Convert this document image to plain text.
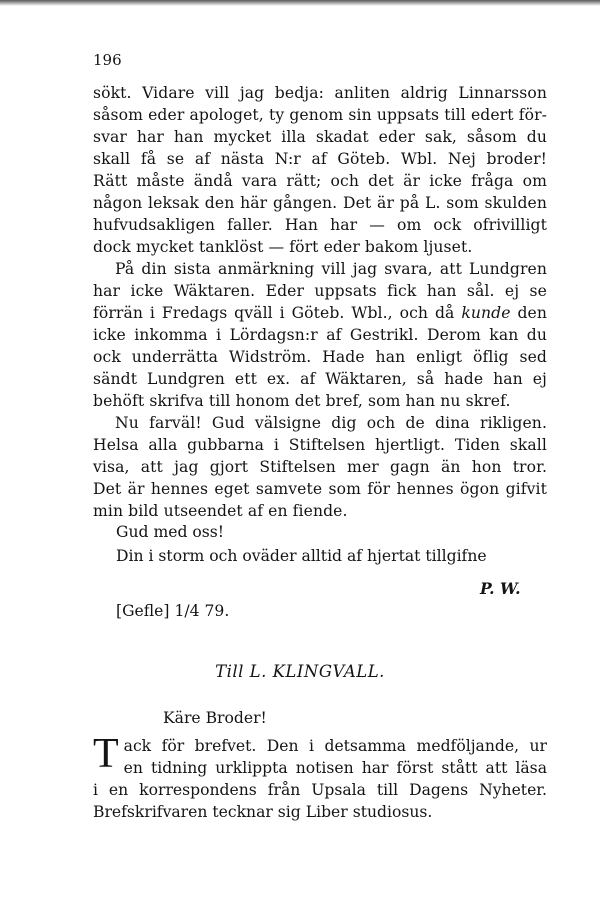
196

sökt. Vidare vill jag bedja: anliten aldrig Linnarsson

såsom eder apologet, ty genom sin uppsats till edert för-

svar har han mycket illa skadat eder sak, såsom du

skall få se af nästa N:r af Göteb. Wbl. Nej broder!

Rätt måste ändå vara rätt; och det är icke fråga om

någon leksak den här gången. Det är på L. som skulden

hufvudsakligen faller. Han har — om ock ofrivilligt

dock mycket tanklöst — fört eder bakom ljuset.

På din sista anmärkning vill jag svara, att Lundgren

har icke Wäktaren. Eder uppsats fick han sål. ej se

förrän i Fredags qväll i Göteb. Wbl., och då kunde den

icke inkomma i Lördagsn:r af Gestrikl. Derom kan du

ock underrätta Widström. Hade han enligt öflig sed

sändt Lundgren ett ex. af Wäktaren, så hade han ej

behöft skrifva till honom det bref, som han nu skref.

Nu farväl! Gud välsigne dig och de dina rikligen.

Helsa alla gubbarna i Stiftelsen hjertligt. Tiden skall

visa, att jag gjort Stiftelsen mer gagn än hon tror.

Det är hennes eget samvete som för hennes ögon gifvit

min bild utseendet af en fiende.

Gud med oss!
Din i storm och oväder alltid af hjertat tillgifne
P. W.
[Gefle] 1/4 79.
Till L. KLINGVALL.
Käre Broder!
T ack för brefvet. Den i detsamma medföljande, ur

en tidning urklippta notisen har först stått att läsa

i en korrespondens från Upsala till Dagens Nyheter.

Brefskrifvaren tecknar sig Liber studiosus.
